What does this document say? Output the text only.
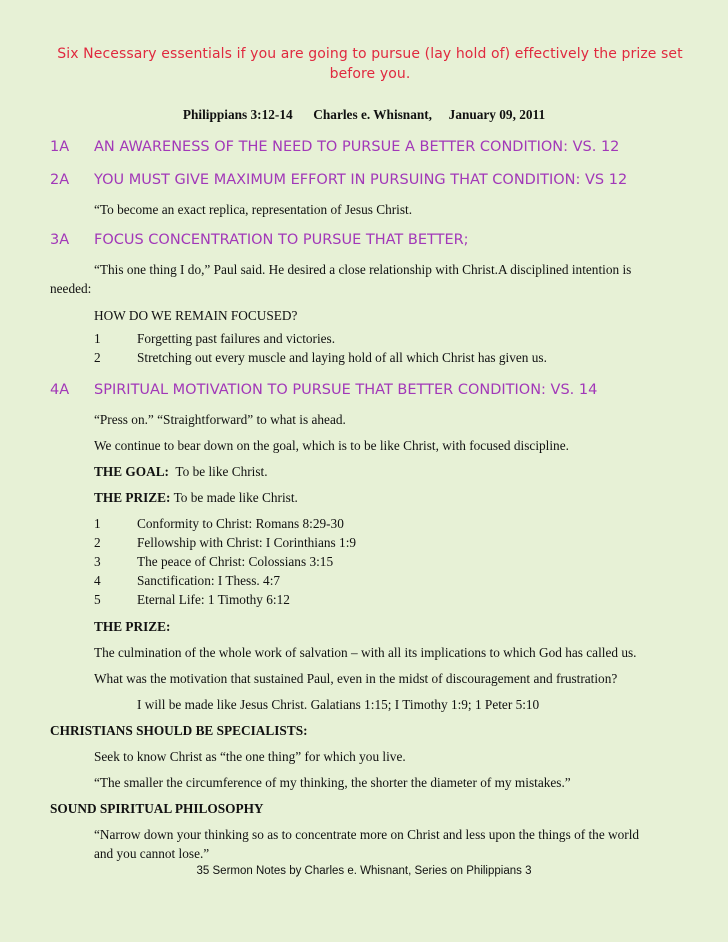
Six Necessary essentials if you are going to pursue (lay hold of) effectively the prize set before you.
Philippians 3:12-14 Charles e. Whisnant, January 09, 2011
1A AN AWARENESS OF THE NEED TO PURSUE A BETTER CONDITION: VS. 12
2A YOU MUST GIVE MAXIMUM EFFORT IN PURSUING THAT CONDITION: VS 12
“To become an exact replica, representation of Jesus Christ.
3A FOCUS CONCENTRATION TO PURSUE THAT BETTER;
“This one thing I do,” Paul said. He desired a close relationship with Christ.A disciplined intention is
needed:
HOW DO WE REMAIN FOCUSED?
1	Forgetting past failures and victories.
2	Stretching out every muscle and laying hold of all which Christ has given us.
4A SPIRITUAL MOTIVATION TO PURSUE THAT BETTER CONDITION: VS. 14
“Press on.” “Straightforward” to what is ahead.
We continue to bear down on the goal, which is to be like Christ, with focused discipline.
THE GOAL: To be like Christ.
THE PRIZE: To be made like Christ.
1	Conformity to Christ: Romans 8:29-30
2	Fellowship with Christ: I Corinthians 1:9
3	The peace of Christ: Colossians 3:15
4	Sanctification: I Thess. 4:7
5	Eternal Life: 1 Timothy 6:12
THE PRIZE:
The culmination of the whole work of salvation – with all its implications to which God has called us.
What was the motivation that sustained Paul, even in the midst of discouragement and frustration?
I will be made like Jesus Christ. Galatians 1:15; I Timothy 1:9; 1 Peter 5:10
CHRISTIANS SHOULD BE SPECIALISTS:
Seek to know Christ as “the one thing” for which you live.
“The smaller the circumference of my thinking, the shorter the diameter of my mistakes.”
SOUND SPIRITUAL PHILOSOPHY
“Narrow down your thinking so as to concentrate more on Christ and less upon the things of the world
and you cannot lose.”
35 Sermon Notes by Charles e. Whisnant, Series on Philippians 3
